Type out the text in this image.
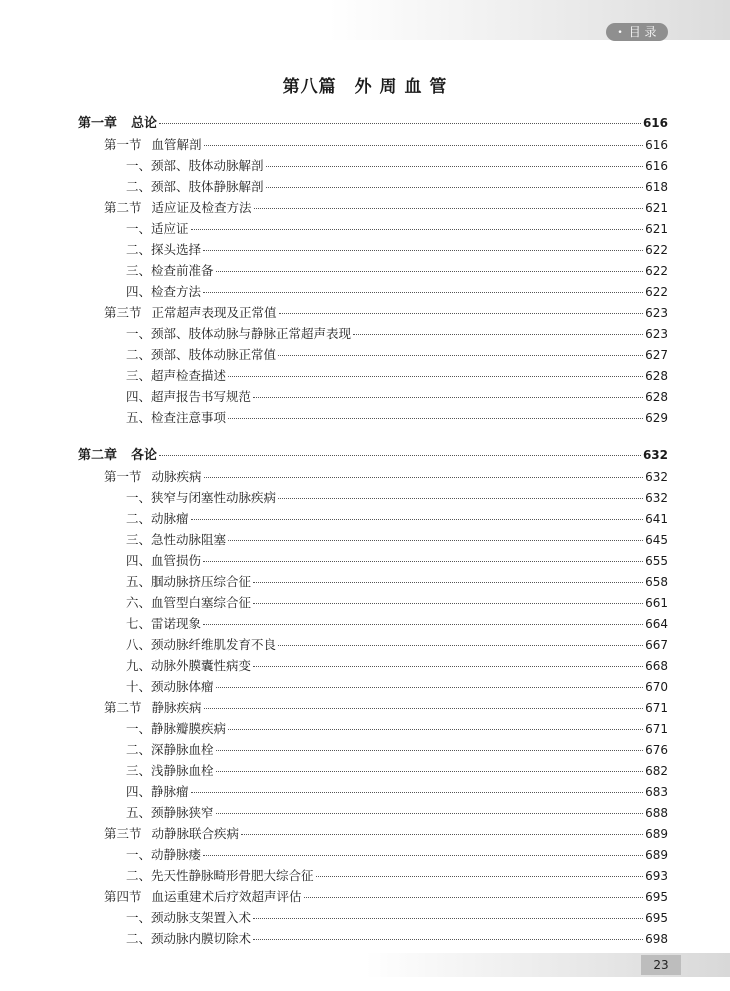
• 目 录
第八篇　外 周 血 管
第一章 总论	616
第一节 血管解剖	616
一、颈部、肢体动脉解剖	616
二、颈部、肢体静脉解剖	618
第二节 适应证及检查方法	621
一、适应证	621
二、探头选择	622
三、检查前准备	622
四、检查方法	622
第三节 正常超声表现及正常值	623
一、颈部、肢体动脉与静脉正常超声表现	623
二、颈部、肢体动脉正常值	627
三、超声检查描述	628
四、超声报告书写规范	628
五、检查注意事项	629
第二章 各论	632
第一节 动脉疾病	632
一、狭窄与闭塞性动脉疾病	632
二、动脉瘤	641
三、急性动脉阻塞	645
四、血管损伤	655
五、腘动脉挤压综合征	658
六、血管型白塞综合征	661
七、雷诺现象	664
八、颈动脉纤维肌发育不良	667
九、动脉外膜囊性病变	668
十、颈动脉体瘤	670
第二节 静脉疾病	671
一、静脉瓣膜疾病	671
二、深静脉血栓	676
三、浅静脉血栓	682
四、静脉瘤	683
五、颈静脉狭窄	688
第三节 动静脉联合疾病	689
一、动静脉瘘	689
二、先天性静脉畸形骨肥大综合征	693
第四节 血运重建术后疗效超声评估	695
一、颈动脉支架置入术	695
二、颈动脉内膜切除术	698
23
